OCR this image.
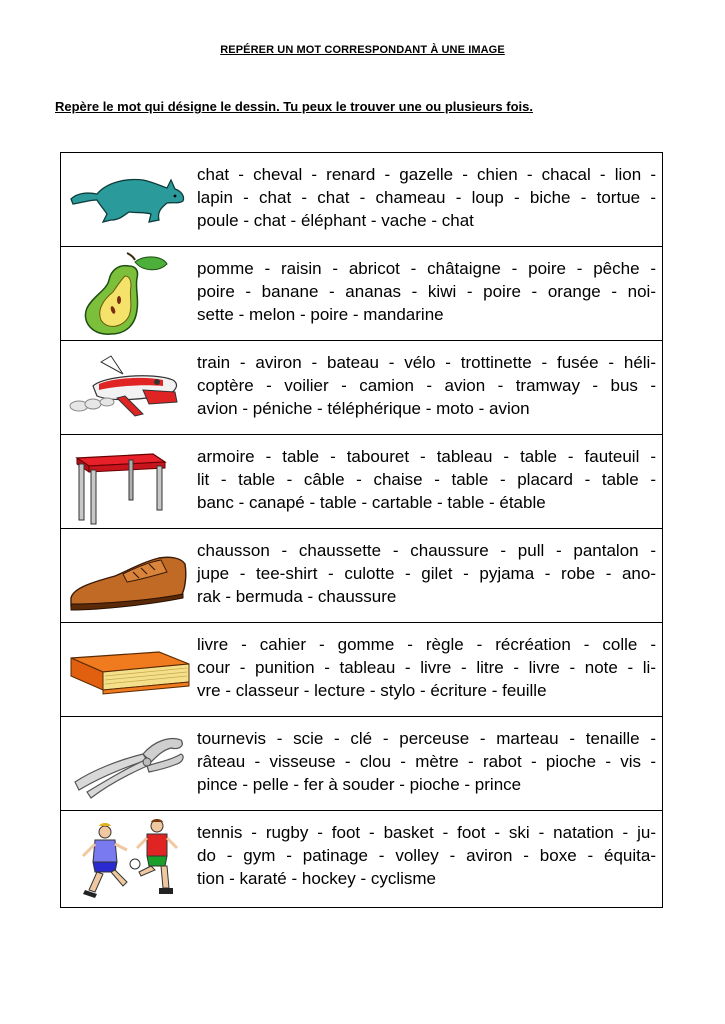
REPÉRER UN MOT CORRESPONDANT À UNE IMAGE
Repère le mot qui désigne le dessin. Tu peux le trouver une ou plusieurs fois.
chat - cheval - renard - gazelle - chien - chacal - lion -
lapin - chat - chat - chameau - loup - biche - tortue -
poule - chat - éléphant - vache - chat
pomme - raisin - abricot - châtaigne - poire - pêche -
poire - banane - ananas - kiwi - poire - orange - noi-
sette - melon - poire - mandarine
train - aviron - bateau - vélo - trottinette - fusée - héli-
coptère - voilier - camion - avion - tramway - bus -
avion - péniche - téléphérique - moto - avion
armoire - table - tabouret - tableau - table - fauteuil -
lit - table - câble - chaise - table - placard - table -
banc - canapé - table - cartable - table - étable
chausson - chaussette - chaussure - pull - pantalon -
jupe - tee-shirt - culotte - gilet - pyjama - robe - ano-
rak - bermuda - chaussure
livre - cahier - gomme - règle - récréation - colle -
cour - punition - tableau - livre - litre - livre - note - li-
vre - classeur - lecture - stylo - écriture - feuille
tournevis - scie - clé - perceuse - marteau - tenaille -
râteau - visseuse - clou - mètre - rabot - pioche - vis -
pince - pelle - fer à souder - pioche - prince
tennis - rugby - foot - basket - foot - ski - natation - ju-
do - gym - patinage - volley - aviron - boxe - équita-
tion - karaté - hockey - cyclisme
